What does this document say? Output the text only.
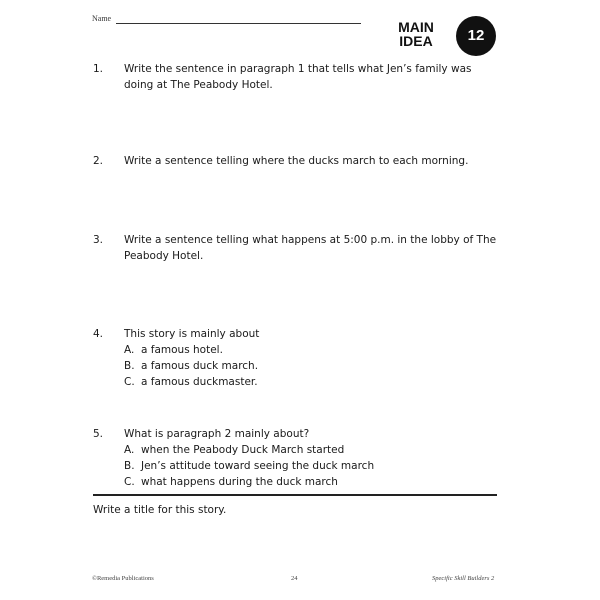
Name
MAIN
IDEA	12
1. Write the sentence in paragraph 1 that tells what Jen’s family was doing at The Peabody Hotel.
2. Write a sentence telling where the ducks march to each morning.
3. Write a sentence telling what happens at 5:00 p.m. in the lobby of The Peabody Hotel.
4. This story is mainly about
A. a famous hotel.
B. a famous duck march.
C. a famous duckmaster.
5. What is paragraph 2 mainly about?
A. when the Peabody Duck March started
B. Jen’s attitude toward seeing the duck march
C. what happens during the duck march
Write a title for this story.
©Remedia Publications	24	Specific Skill Builders 2
